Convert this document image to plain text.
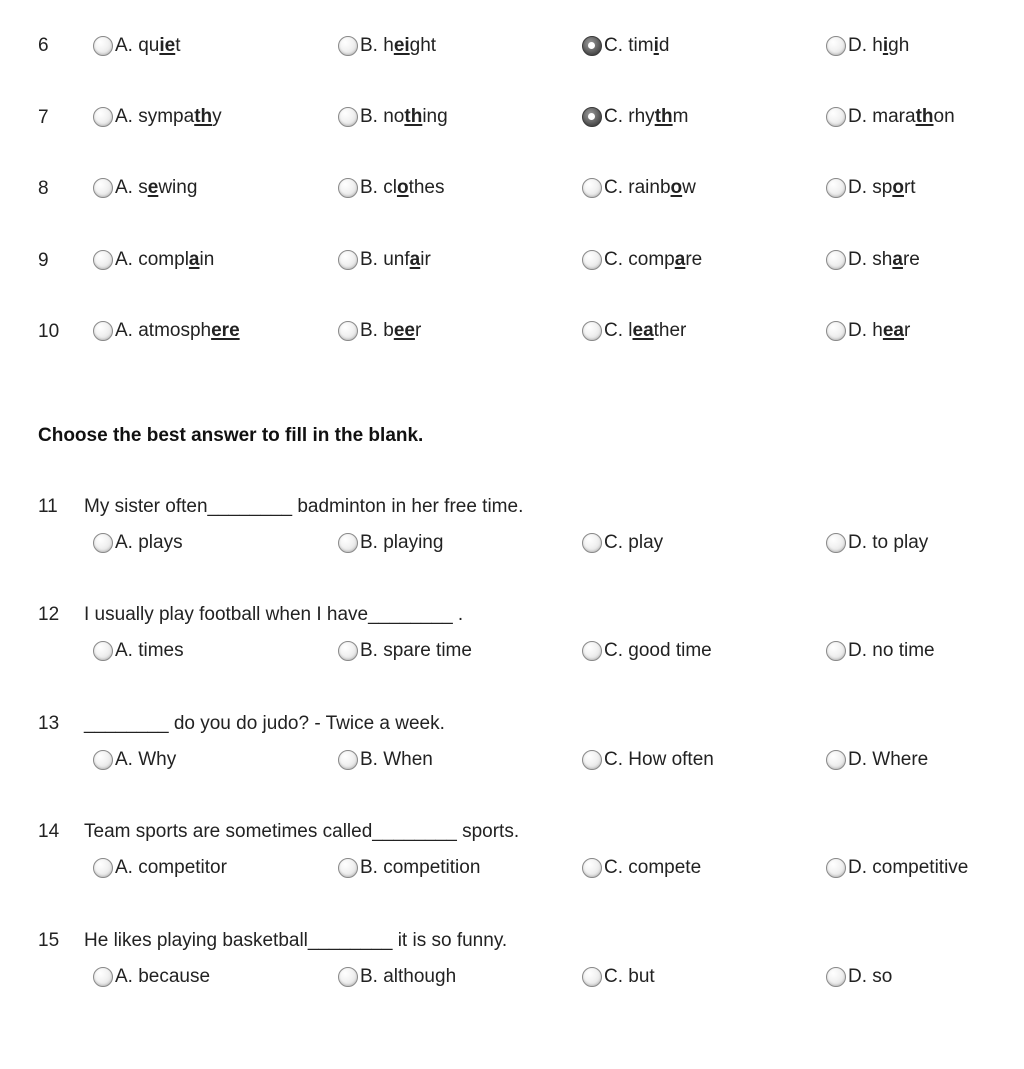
6	A. quiet	B. height	C. timid	D. high
7	A. sympathy	B. nothing	C. rhythm	D. marathon
8	A. sewing	B. clothes	C. rainbow	D. sport
9	A. complain	B. unfair	C. compare	D. share
10	A. atmosphere	B. beer	C. leather	D. hear
Choose the best answer to fill in the blank.
11 My sister often________ badminton in her free time.
A. plays	B. playing	C. play	D. to play
12 I usually play football when I have________ .
A. times	B. spare time	C. good time	D. no time
13 ________ do you do judo? - Twice a week.
A. Why	B. When	C. How often	D. Where
14 Team sports are sometimes called________ sports.
A. competitor	B. competition	C. compete	D. competitive
15 He likes playing basketball________ it is so funny.
A. because	B. although	C. but	D. so
